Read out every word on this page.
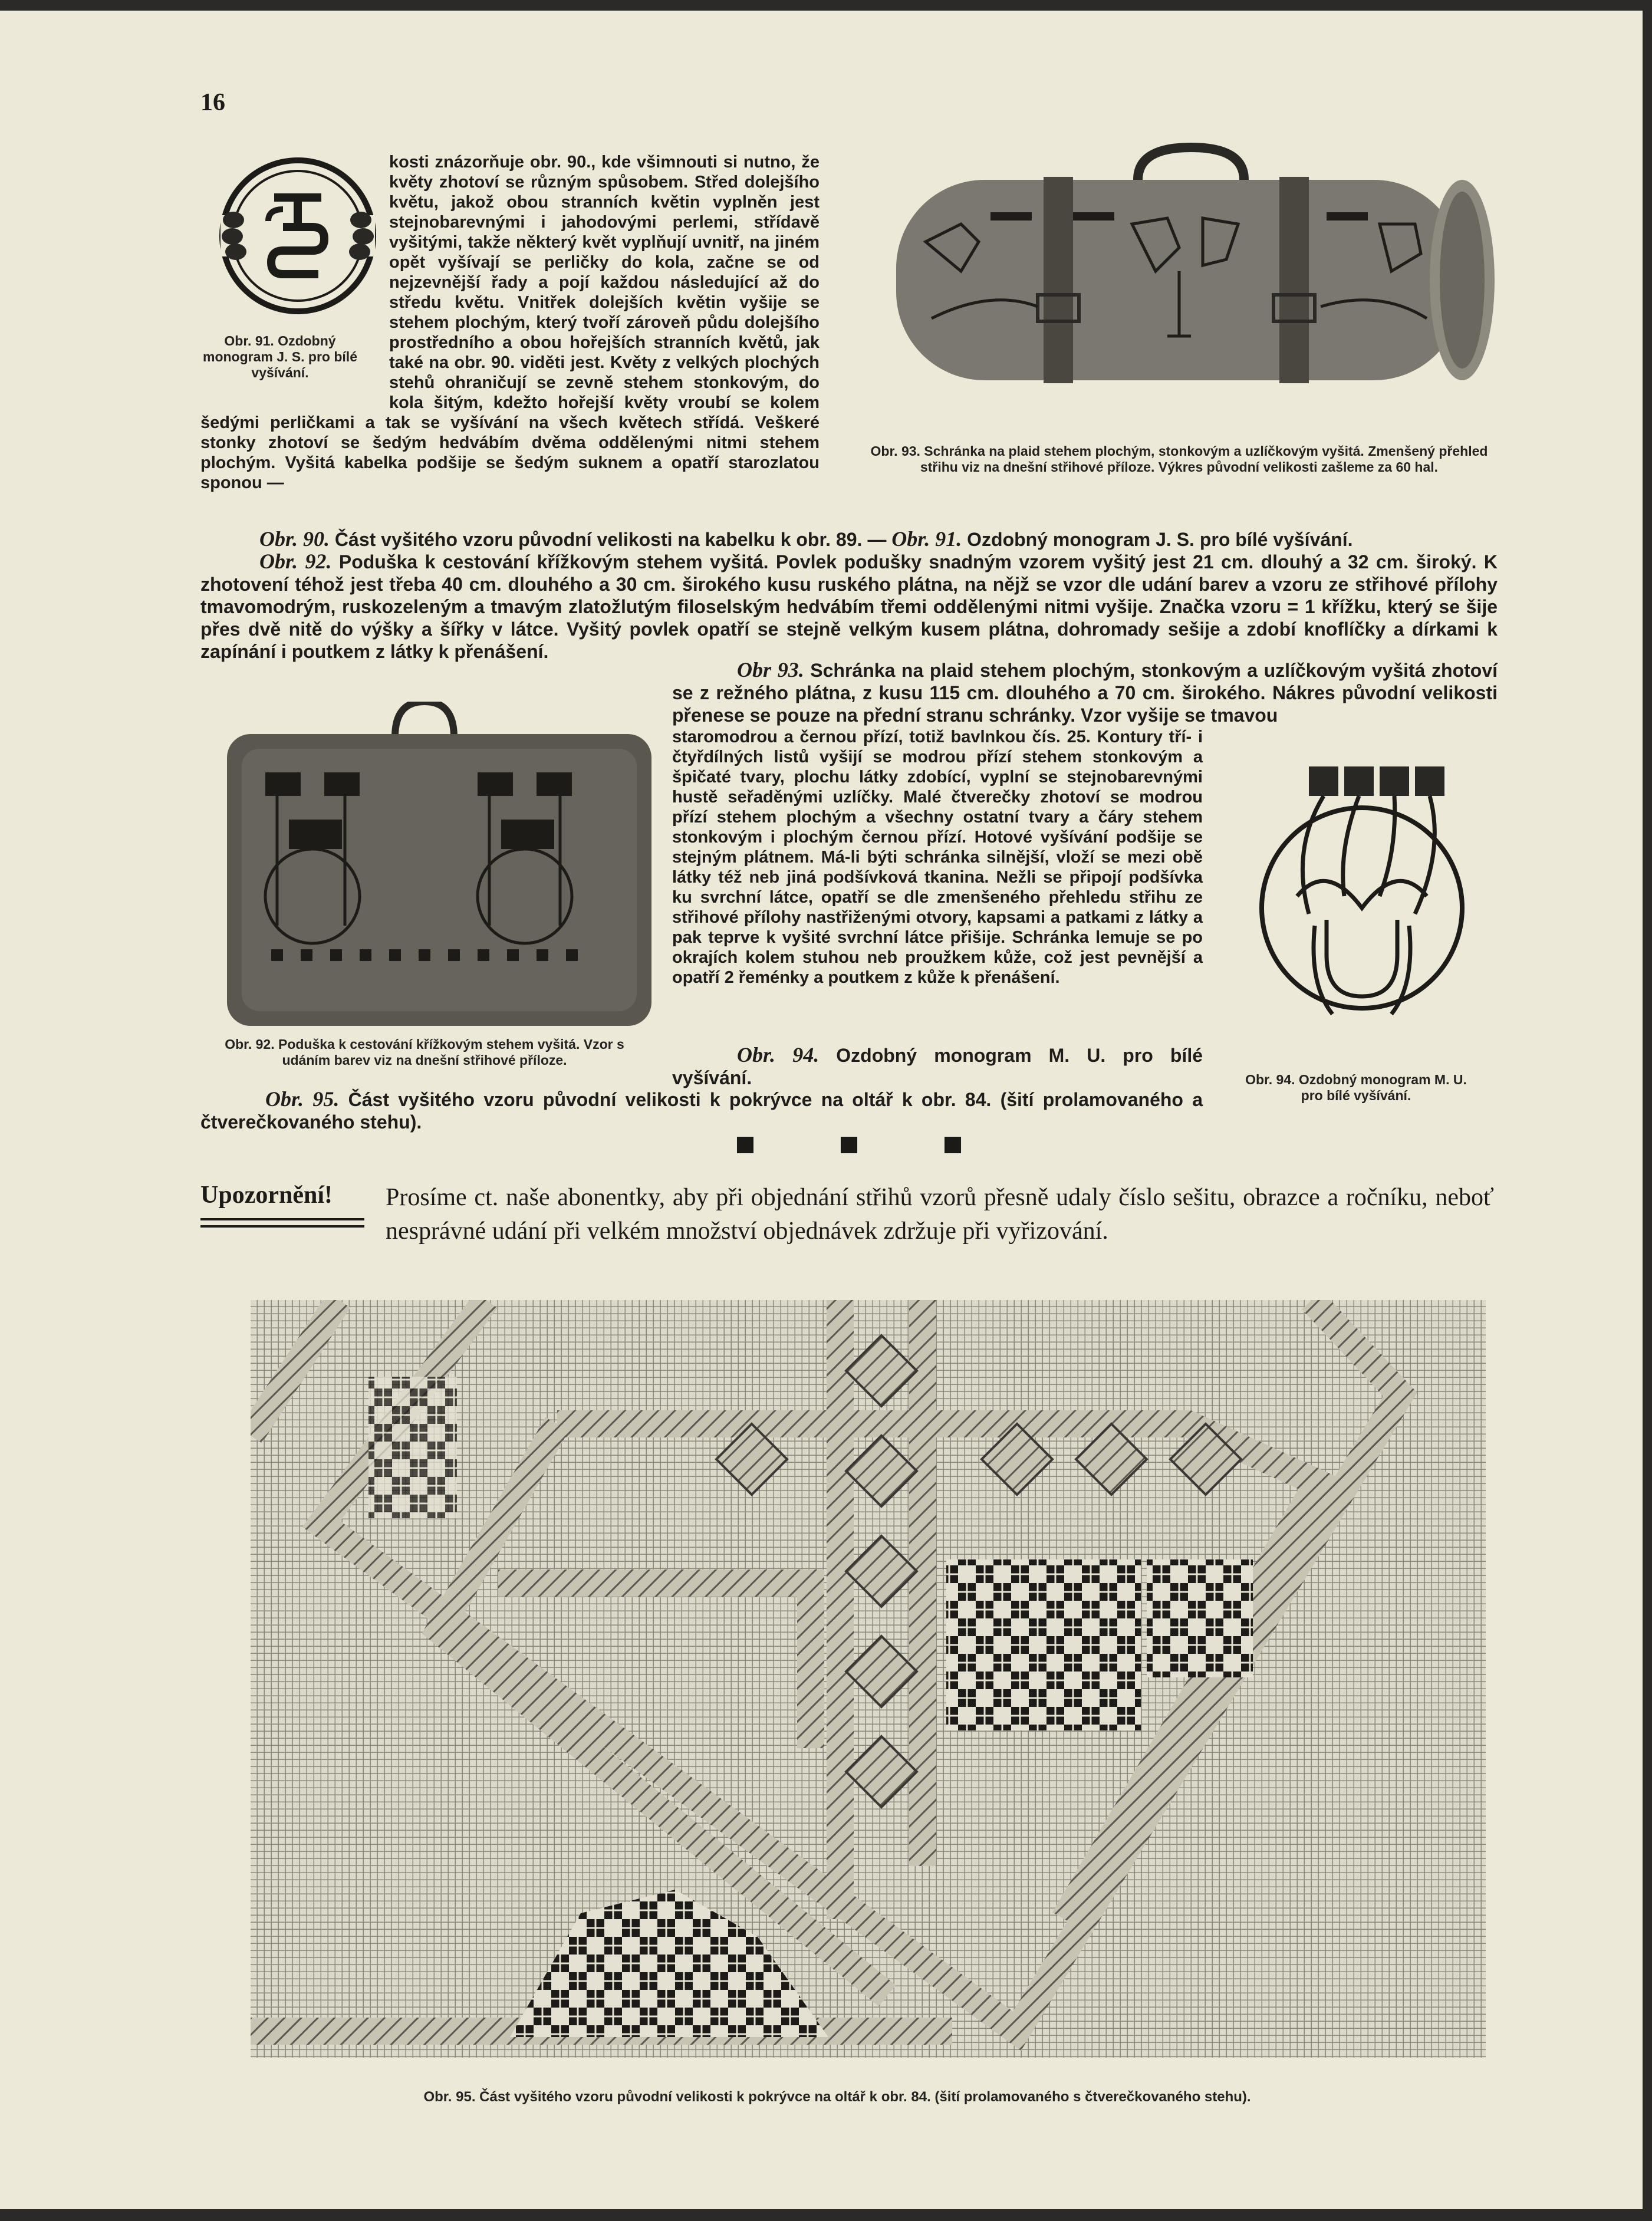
16
Obr. 91. Ozdobný monogram J. S. pro bílé vyšívání.
kosti znázorňuje obr. 90., kde všimnouti si nutno, že květy zhotoví se různým spůsobem. Střed dolejšího květu, jakož obou stranních květin vyplněn jest stejnobarevnými i jahodovými perlemi, střídavě vyšitými, takže některý květ vyplňují uvnitř, na jiném opět vyšívají se perličky do kola, začne se od nejzevnější řady a pojí každou následující až do středu květu. Vnitřek dolejších květin vyšije se stehem plochým, který tvoří zároveň půdu dolejšího prostředního a obou hořejších stranních květů, jak také na obr. 90. viděti jest. Květy z velkých plochých stehů ohraničují se zevně stehem stonkovým, do kola šitým, kdežto hořejší květy vroubí se kolem šedými perličkami a tak se vyšívání na všech květech střídá. Veškeré stonky zhotoví se šedým hedvábím dvěma oddělenými nitmi stehem plochým. Vyšitá kabelka podšije se šedým suknem a opatří starozlatou sponou —
Obr. 93. Schránka na plaid stehem plochým, stonkovým a uzlíčkovým vyšitá. Zmenšený přehled střihu viz na dnešní střihové příloze. Výkres původní velikosti zašleme za 60 hal.
Obr. 90. Část vyšitého vzoru původní velikosti na kabelku k obr. 89. — Obr. 91. Ozdobný monogram J. S. pro bílé vyšívání.
Obr. 92. Poduška k cestování křížkovým stehem vyšitá. Povlek podušky snadným vzorem vyšitý jest 21 cm. dlouhý a 32 cm. široký. K zhotovení téhož jest třeba 40 cm. dlouhého a 30 cm. širokého kusu ruského plátna, na nějž se vzor dle udání barev a vzoru ze střihové přílohy tmavomodrým, ruskozeleným a tmavým zlatožlutým filoselským hedvábím třemi oddělenými nitmi vyšije. Značka vzoru = 1 křížku, který se šije přes dvě nitě do výšky a šířky v látce. Vyšitý povlek opatří se stejně velkým kusem plátna, dohromady sešije a zdobí knoflíčky a dírkami k zapínání i poutkem z látky k přenášení.
Obr 93. Schránka na plaid stehem plochým, stonkovým a uzlíčkovým vyšitá zhotoví se z režného plátna, z kusu 115 cm. dlouhého a 70 cm. širokého. Nákres původní velikosti přenese se pouze na přední stranu schránky. Vzor vyšije se tmavou
Obr. 92. Poduška k cestování křížkovým stehem vyšitá. Vzor s udáním barev viz na dnešní střihové příloze.
staromodrou a černou přízí, totiž bavlnkou čís. 25. Kontury tří- i čtyřdílných listů vyšijí se modrou přízí stehem stonkovým a špičaté tvary, plochu látky zdobící, vyplní se stejnobarevnými hustě seřaděnými uzlíčky. Malé čtverečky zhotoví se modrou přízí stehem plochým a všechny ostatní tvary a čáry stehem stonkovým i plochým černou přízí. Hotové vyšívání podšije se stejným plátnem. Má-li býti schránka silnější, vloží se mezi obě látky též neb jiná podšívková tkanina. Nežli se připojí podšívka ku svrchní látce, opatří se dle zmenšeného přehledu střihu ze střihové přílohy nastřiženými otvory, kapsami a patkami z látky a pak teprve k vyšité svrchní látce přišije. Schránka lemuje se po okrajích kolem stuhou neb proužkem kůže, což jest pevnější a opatří 2 řeménky a poutkem z kůže k přenášení.
Obr. 94. Ozdobný monogram M. U. pro bílé vyšívání.	Obr. 94. Ozdobný monogram M. U. pro bílé vyšívání.
Obr. 95. Část vyšitého vzoru původní velikosti k pokrývce na oltář k obr. 84. (šití prolamovaného a čtverečkovaného stehu).
Upozornění! Prosíme ct. naše abonentky, aby při objednání střihů vzorů přesně udaly číslo sešitu, obrazce a ročníku, neboť nesprávné udání při velkém množství objednávek zdržuje při vyřizování.
Obr. 95. Část vyšitého vzoru původní velikosti k pokrývce na oltář k obr. 84. (šití prolamovaného s čtverečkovaného stehu).
